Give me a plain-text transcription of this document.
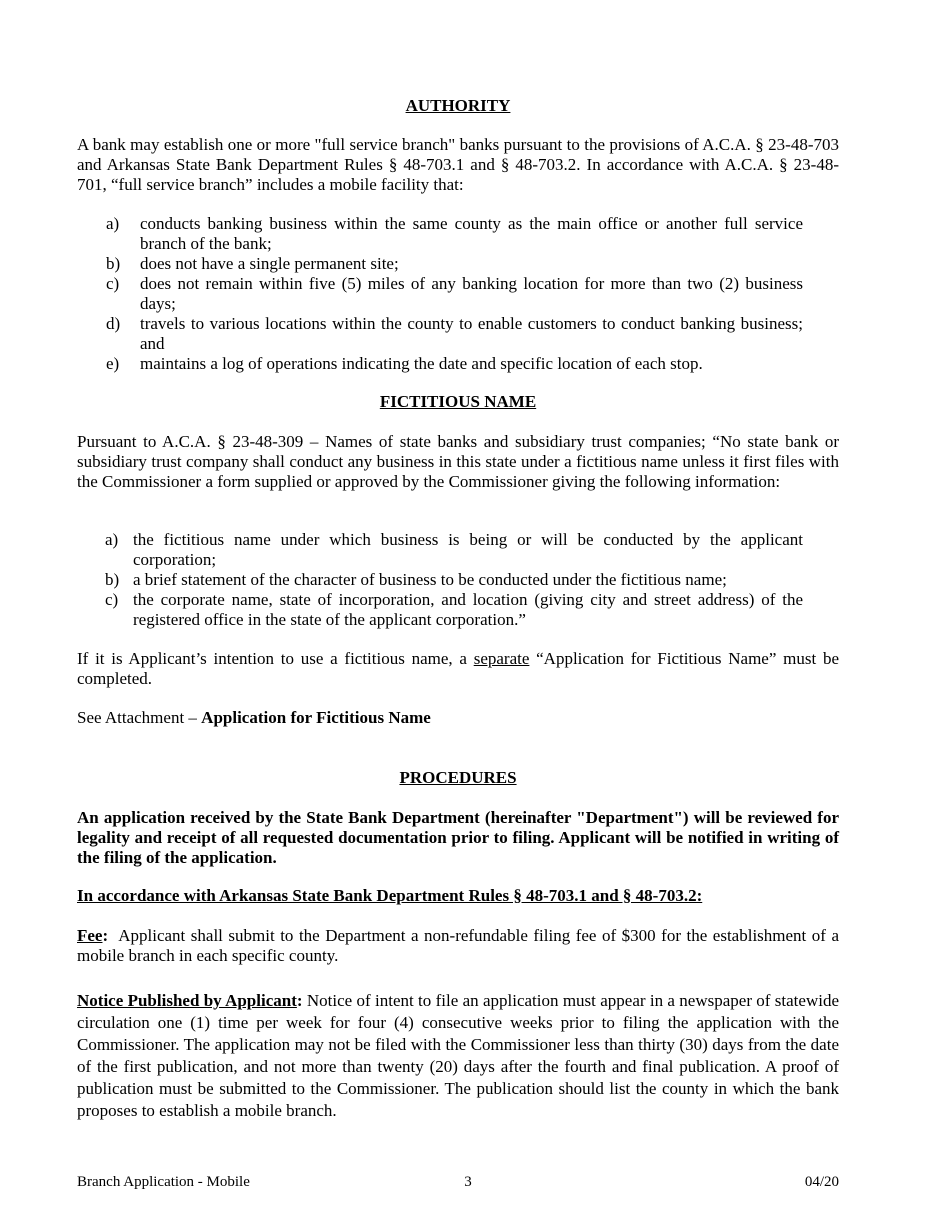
AUTHORITY

A bank may establish one or more "full service branch" banks pursuant to the provisions of A.C.A. § 23-48-703 and Arkansas State Bank Department Rules § 48-703.1 and § 48-703.2. In accordance with A.C.A. § 23-48-701, “full service branch” includes a mobile facility that:

a) conducts banking business within the same county as the main office or another full service branch of the bank;
b) does not have a single permanent site;
c) does not remain within five (5) miles of any banking location for more than two (2) business days;
d) travels to various locations within the county to enable customers to conduct banking business; and
e) maintains a log of operations indicating the date and specific location of each stop.
FICTITIOUS NAME

Pursuant to A.C.A. § 23-48-309 – Names of state banks and subsidiary trust companies; “No state bank or subsidiary trust company shall conduct any business in this state under a fictitious name unless it first files with the Commissioner a form supplied or approved by the Commissioner giving the following information:

a) the fictitious name under which business is being or will be conducted by the applicant corporation;
b) a brief statement of the character of business to be conducted under the fictitious name;
c) the corporate name, state of incorporation, and location (giving city and street address) of the registered office in the state of the applicant corporation.”

If it is Applicant’s intention to use a fictitious name, a separate “Application for Fictitious Name” must be completed.

See Attachment – Application for Fictitious Name

PROCEDURES

An application received by the State Bank Department (hereinafter "Department") will be reviewed for legality and receipt of all requested documentation prior to filing. Applicant will be notified in writing of the filing of the application.

In accordance with Arkansas State Bank Department Rules § 48-703.1 and § 48-703.2:

Fee:  Applicant shall submit to the Department a non-refundable filing fee of $300 for the establishment of a mobile branch in each specific county.

Notice Published by Applicant: Notice of intent to file an application must appear in a newspaper of statewide circulation one (1) time per week for four (4) consecutive weeks prior to filing the application with the Commissioner. The application may not be filed with the Commissioner less than thirty (30) days from the date of the first publication, and not more than twenty (20) days after the fourth and final publication. A proof of publication must be submitted to the Commissioner. The publication should list the county in which the bank proposes to establish a mobile branch.

Branch Application - Mobile	3	04/20
